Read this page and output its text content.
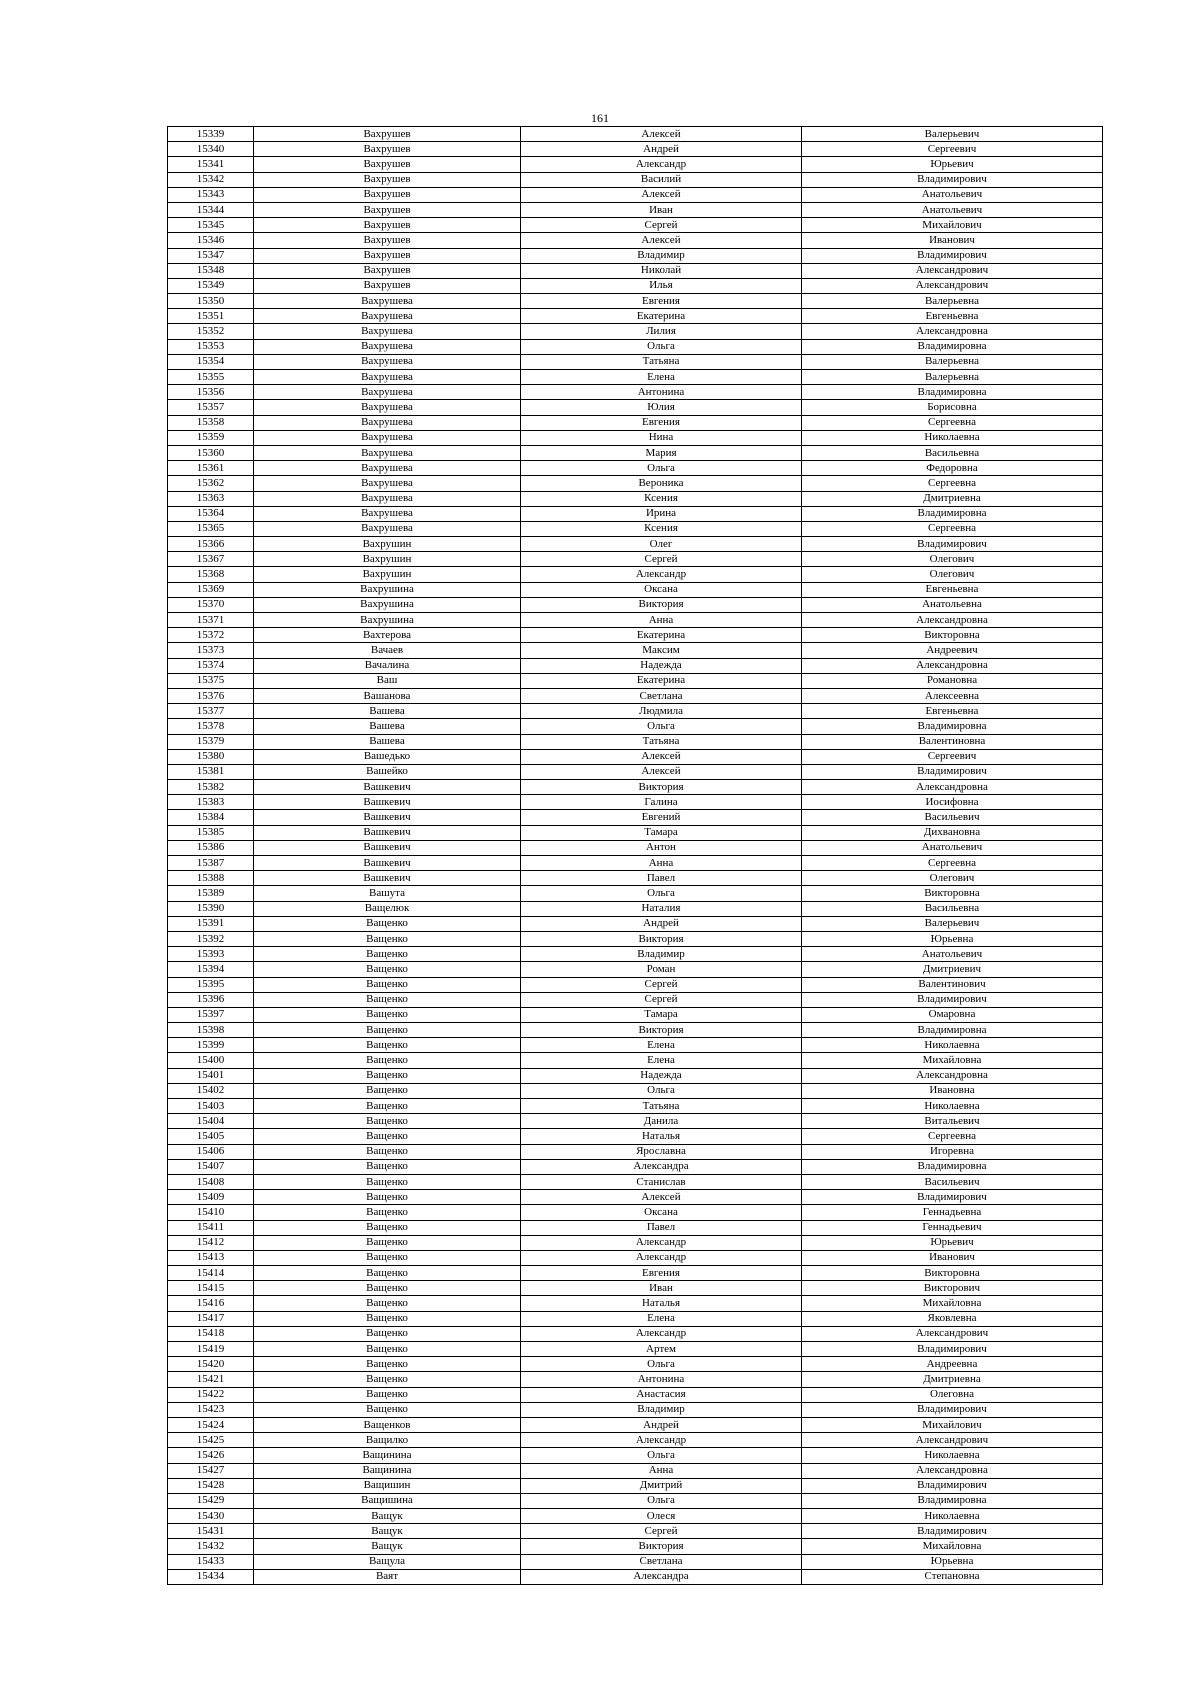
161
15339	Вахрушев	Алексей	Валерьевич
15340	Вахрушев	Андрей	Сергеевич
15341	Вахрушев	Александр	Юрьевич
15342	Вахрушев	Василий	Владимирович
15343	Вахрушев	Алексей	Анатольевич
15344	Вахрушев	Иван	Анатольевич
15345	Вахрушев	Сергей	Михайлович
15346	Вахрушев	Алексей	Иванович
15347	Вахрушев	Владимир	Владимирович
15348	Вахрушев	Николай	Александрович
15349	Вахрушев	Илья	Александрович
15350	Вахрушева	Евгения	Валерьевна
15351	Вахрушева	Екатерина	Евгеньевна
15352	Вахрушева	Лилия	Александровна
15353	Вахрушева	Ольга	Владимировна
15354	Вахрушева	Татьяна	Валерьевна
15355	Вахрушева	Елена	Валерьевна
15356	Вахрушева	Антонина	Владимировна
15357	Вахрушева	Юлия	Борисовна
15358	Вахрушева	Евгения	Сергеевна
15359	Вахрушева	Нина	Николаевна
15360	Вахрушева	Мария	Васильевна
15361	Вахрушева	Ольга	Федоровна
15362	Вахрушева	Вероника	Сергеевна
15363	Вахрушева	Ксения	Дмитриевна
15364	Вахрушева	Ирина	Владимировна
15365	Вахрушева	Ксения	Сергеевна
15366	Вахрушин	Олег	Владимирович
15367	Вахрушин	Сергей	Олегович
15368	Вахрушин	Александр	Олегович
15369	Вахрушина	Оксана	Евгеньевна
15370	Вахрушина	Виктория	Анатольевна
15371	Вахрушина	Анна	Александровна
15372	Вахтерова	Екатерина	Викторовна
15373	Вачаев	Максим	Андреевич
15374	Вачалина	Надежда	Александровна
15375	Ваш	Екатерина	Романовна
15376	Вашанова	Светлана	Алексеевна
15377	Вашева	Людмила	Евгеньевна
15378	Вашева	Ольга	Владимировна
15379	Вашева	Татьяна	Валентиновна
15380	Вашедько	Алексей	Сергеевич
15381	Вашейко	Алексей	Владимирович
15382	Вашкевич	Виктория	Александровна
15383	Вашкевич	Галина	Иосифовна
15384	Вашкевич	Евгений	Васильевич
15385	Вашкевич	Тамара	Дихвановна
15386	Вашкевич	Антон	Анатольевич
15387	Вашкевич	Анна	Сергеевна
15388	Вашкевич	Павел	Олегович
15389	Вашута	Ольга	Викторовна
15390	Ващелюк	Наталия	Васильевна
15391	Ващенко	Андрей	Валерьевич
15392	Ващенко	Виктория	Юрьевна
15393	Ващенко	Владимир	Анатольевич
15394	Ващенко	Роман	Дмитриевич
15395	Ващенко	Сергей	Валентинович
15396	Ващенко	Сергей	Владимирович
15397	Ващенко	Тамара	Омаровна
15398	Ващенко	Виктория	Владимировна
15399	Ващенко	Елена	Николаевна
15400	Ващенко	Елена	Михайловна
15401	Ващенко	Надежда	Александровна
15402	Ващенко	Ольга	Ивановна
15403	Ващенко	Татьяна	Николаевна
15404	Ващенко	Данила	Витальевич
15405	Ващенко	Наталья	Сергеевна
15406	Ващенко	Ярославна	Игоревна
15407	Ващенко	Александра	Владимировна
15408	Ващенко	Станислав	Васильевич
15409	Ващенко	Алексей	Владимирович
15410	Ващенко	Оксана	Геннадьевна
15411	Ващенко	Павел	Геннадьевич
15412	Ващенко	Александр	Юрьевич
15413	Ващенко	Александр	Иванович
15414	Ващенко	Евгения	Викторовна
15415	Ващенко	Иван	Викторович
15416	Ващенко	Наталья	Михайловна
15417	Ващенко	Елена	Яковлевна
15418	Ващенко	Александр	Александрович
15419	Ващенко	Артем	Владимирович
15420	Ващенко	Ольга	Андреевна
15421	Ващенко	Антонина	Дмитриевна
15422	Ващенко	Анастасия	Олеговна
15423	Ващенко	Владимир	Владимирович
15424	Ващенков	Андрей	Михайлович
15425	Ващилко	Александр	Александрович
15426	Ващинина	Ольга	Николаевна
15427	Ващинина	Анна	Александровна
15428	Ващишин	Дмитрий	Владимирович
15429	Ващишина	Ольга	Владимировна
15430	Ващук	Олеся	Николаевна
15431	Ващук	Сергей	Владимирович
15432	Ващук	Виктория	Михайловна
15433	Ващула	Светлана	Юрьевна
15434	Ваят	Александра	Степановна
